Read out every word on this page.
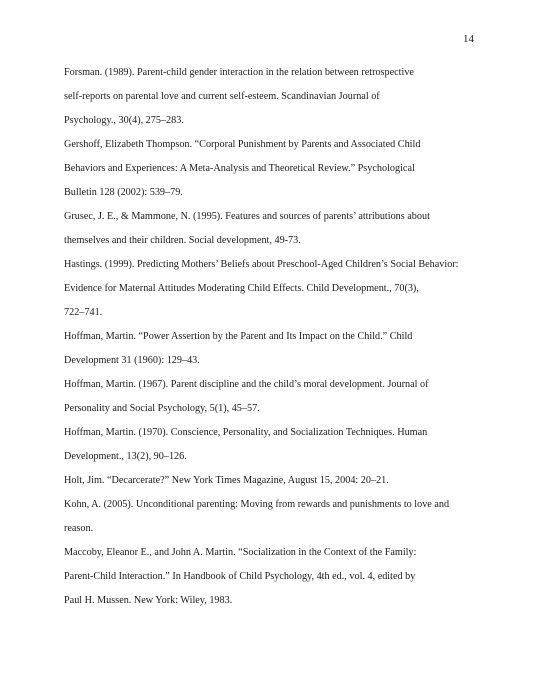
14

Forsman. (1989). Parent-child gender interaction in the relation between retrospective
self-reports on parental love and current self-esteem. Scandinavian Journal of
Psychology., 30(4), 275–283.

Gershoff, Elizabeth Thompson. “Corporal Punishment by Parents and Associated Child
Behaviors and Experiences: A Meta-Analysis and Theoretical Review.” Psychological
Bulletin 128 (2002): 539–79.

Grusec, J. E., & Mammone, N. (1995). Features and sources of parents’ attributions about
themselves and their children. Social development, 49-73.

Hastings. (1999). Predicting Mothers’ Beliefs about Preschool-Aged Children’s Social Behavior:
Evidence for Maternal Attitudes Moderating Child Effects. Child Development., 70(3),
722–741.

Hoffman, Martin. “Power Assertion by the Parent and Its Impact on the Child.” Child
Development 31 (1960): 129–43.

Hoffman, Martin. (1967). Parent discipline and the child’s moral development. Journal of
Personality and Social Psychology, 5(1), 45–57.

Hoffman, Martin. (1970). Conscience, Personality, and Socialization Techniques. Human
Development., 13(2), 90–126.

Holt, Jim. “Decarcerate?” New York Times Magazine, August 15, 2004: 20–21.

Kohn, A. (2005). Unconditional parenting: Moving from rewards and punishments to love and
reason.

Maccoby, Eleanor E., and John A. Martin. “Socialization in the Context of the Family:
Parent-Child Interaction.” In Handbook of Child Psychology, 4th ed., vol. 4, edited by
Paul H. Mussen. New York: Wiley, 1983.
